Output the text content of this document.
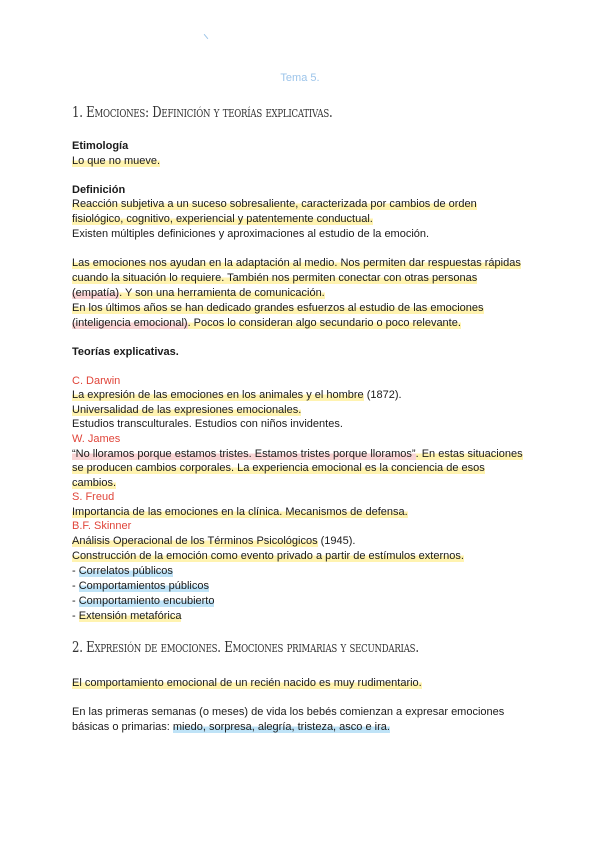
Tema 5.
1. Emociones: Definición y teorías explicativas.
Etimología
Lo que no mueve.
Definición
Reacción subjetiva a un suceso sobresaliente, caracterizada por cambios de orden
fisiológico, cognitivo, experiencial y patentemente conductual.
Existen múltiples definiciones y aproximaciones al estudio de la emoción.
Las emociones nos ayudan en la adaptación al medio. Nos permiten dar respuestas rápidas
cuando la situación lo requiere. También nos permiten conectar con otras personas
(empatía). Y son una herramienta de comunicación.
En los últimos años se han dedicado grandes esfuerzos al estudio de las emociones
(inteligencia emocional). Pocos lo consideran algo secundario o poco relevante.
Teorías explicativas.
C. Darwin
La expresión de las emociones en los animales y el hombre (1872).
Universalidad de las expresiones emocionales.
Estudios transculturales. Estudios con niños invidentes.
W. James
“No lloramos porque estamos tristes. Estamos tristes porque lloramos”. En estas situaciones
se producen cambios corporales. La experiencia emocional es la conciencia de esos
cambios.
S. Freud
Importancia de las emociones en la clínica. Mecanismos de defensa.
B.F. Skinner
Análisis Operacional de los Términos Psicológicos (1945).
Construcción de la emoción como evento privado a partir de estímulos externos.
- Correlatos públicos
- Comportamientos públicos
- Comportamiento encubierto
- Extensión metafórica
2. Expresión de emociones. Emociones primarias y secundarias.
El comportamiento emocional de un recién nacido es muy rudimentario.
En las primeras semanas (o meses) de vida los bebés comienzan a expresar emociones
básicas o primarias: miedo, sorpresa, alegría, tristeza, asco e ira.
